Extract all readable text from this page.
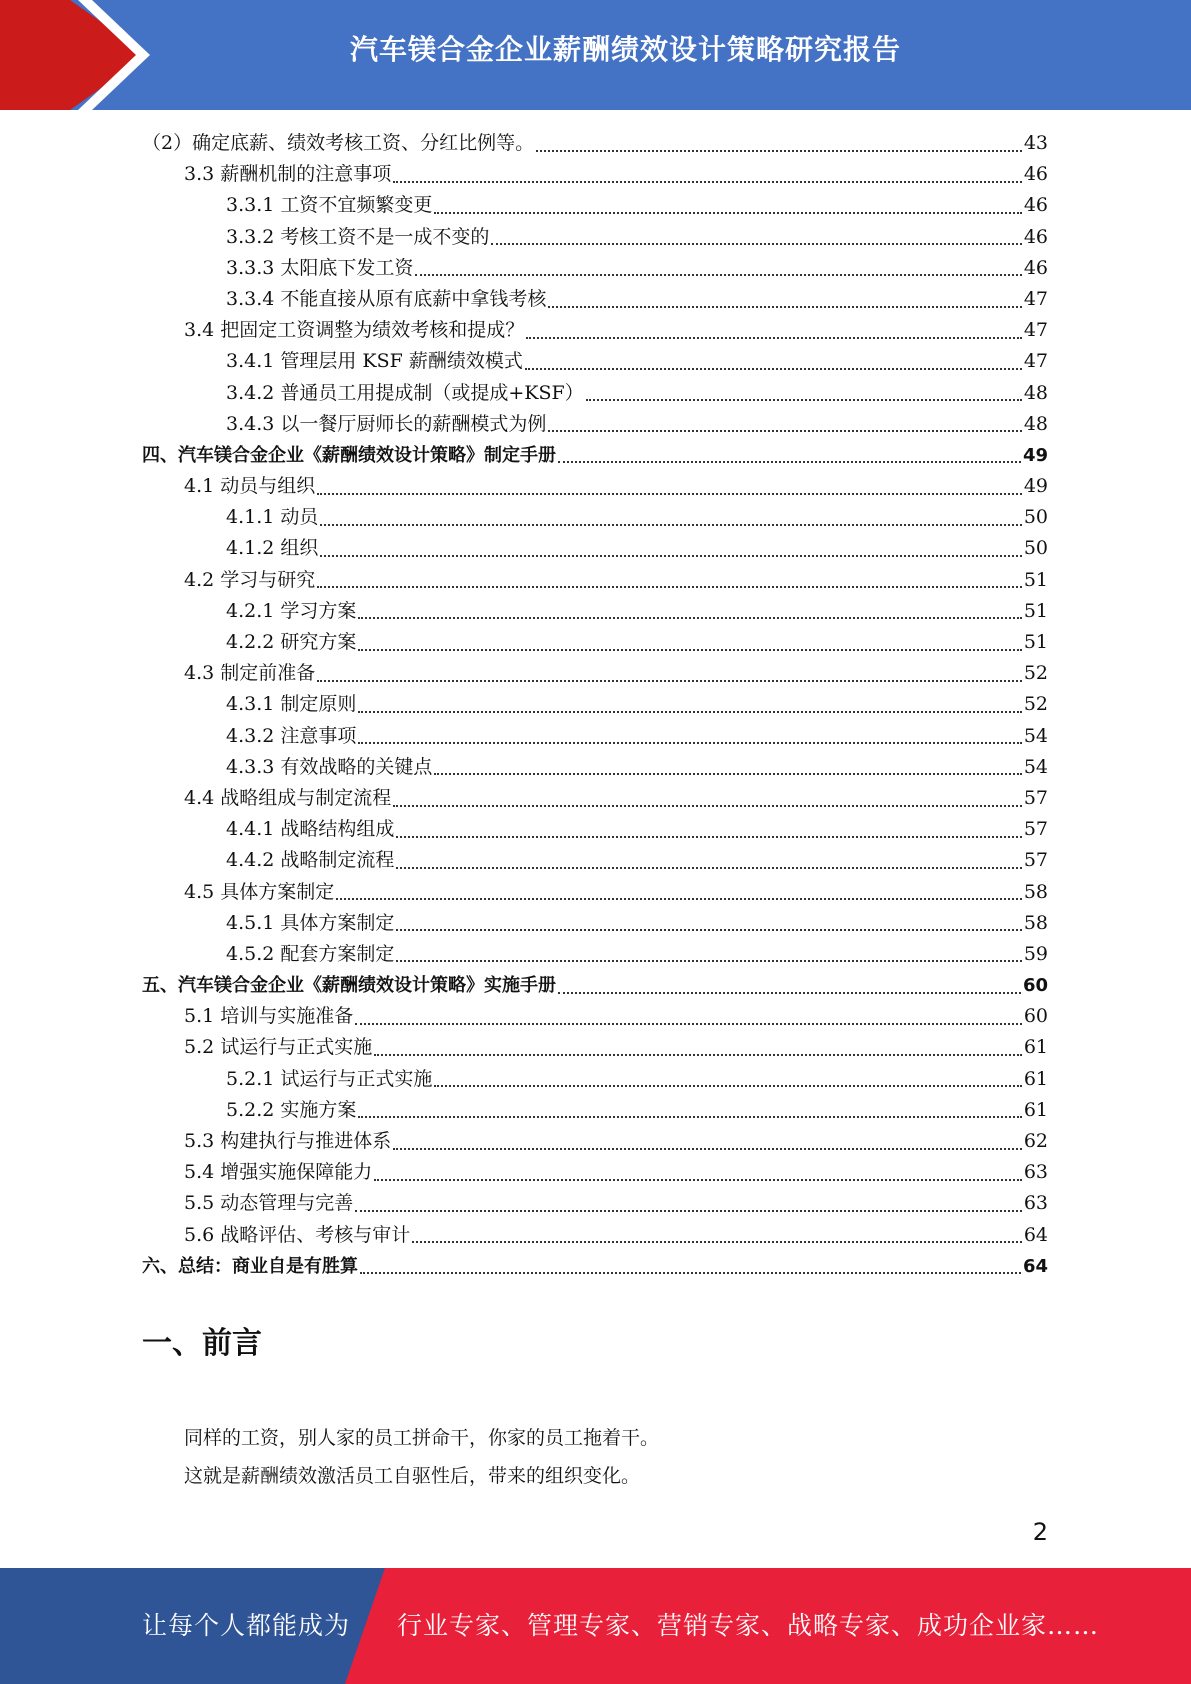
汽车镁合金企业薪酬绩效设计策略研究报告
（2）确定底薪、绩效考核工资、分红比例等。	43
3.3 薪酬机制的注意事项	46
3.3.1 工资不宜频繁变更	46
3.3.2 考核工资不是一成不变的	46
3.3.3 太阳底下发工资	46
3.3.4 不能直接从原有底薪中拿钱考核	47
3.4 把固定工资调整为绩效考核和提成？	47
3.4.1 管理层用 KSF 薪酬绩效模式	47
3.4.2 普通员工用提成制（或提成+KSF）	48
3.4.3 以一餐厅厨师长的薪酬模式为例	48
四、汽车镁合金企业《薪酬绩效设计策略》制定手册	49
4.1 动员与组织	49
4.1.1 动员	50
4.1.2 组织	50
4.2 学习与研究	51
4.2.1 学习方案	51
4.2.2 研究方案	51
4.3 制定前准备	52
4.3.1 制定原则	52
4.3.2 注意事项	54
4.3.3 有效战略的关键点	54
4.4 战略组成与制定流程	57
4.4.1 战略结构组成	57
4.4.2 战略制定流程	57
4.5 具体方案制定	58
4.5.1 具体方案制定	58
4.5.2 配套方案制定	59
五、汽车镁合金企业《薪酬绩效设计策略》实施手册	60
5.1 培训与实施准备	60
5.2 试运行与正式实施	61
5.2.1 试运行与正式实施	61
5.2.2 实施方案	61
5.3 构建执行与推进体系	62
5.4 增强实施保障能力	63
5.5 动态管理与完善	63
5.6 战略评估、考核与审计	64
六、总结：商业自是有胜算	64
一、前言

同样的工资，别人家的员工拼命干，你家的员工拖着干。

这就是薪酬绩效激活员工自驱性后，带来的组织变化。

2
让每个人都能成为 行业专家、管理专家、营销专家、战略专家、成功企业家……
